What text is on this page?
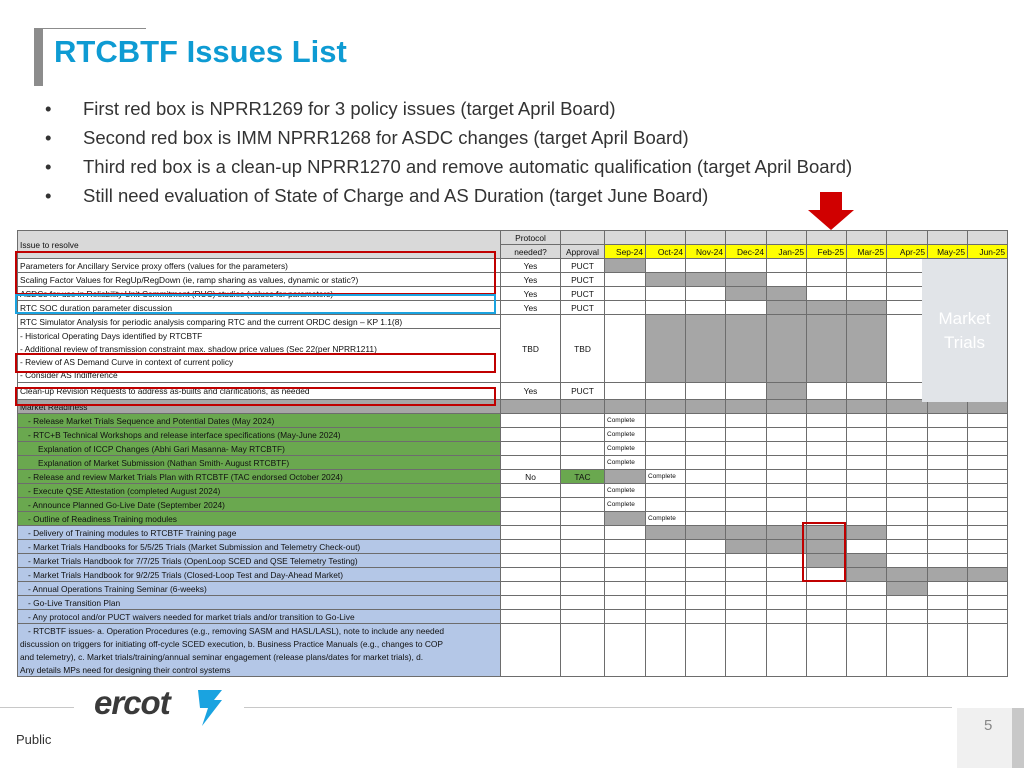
RTCBTF Issues List
• First red box is NPRR1269 for 3 policy issues (target April Board)
• Second red box is IMM NPRR1268 for ASDC changes (target April Board)
• Third red box is a clean-up NPRR1270 and remove automatic qualification (target April Board)
• Still need evaluation of State of Charge and AS Duration (target June Board)
Issue to resolve	Protocol											
	needed?	Approval	Sep-24	Oct-24	Nov-24	Dec-24	Jan-25	Feb-25	Mar-25	Apr-25	May-25	Jun-25
Parameters for Ancillary Service proxy offers (values for the parameters)	Yes	PUCT										
Scaling Factor Values for RegUp/RegDown (ie, ramp sharing as values, dynamic or static?)	Yes	PUCT										
ASDCs for use in Reliability Unit Commitment (RUC) studies (values for parameters)	Yes	PUCT										
RTC SOC duration parameter discussion	Yes	PUCT										
RTC Simulator Analysis for periodic analysis comparing RTC and the current ORDC design – KP 1.1(8)	TBD	TBD										
- Historical Operating Days identified by RTCBTF												
- Additional review of transmission constraint max. shadow price values (Sec 22(per NPRR1211)												
- Review of AS Demand Curve in context of current policy												
- Consider AS Indifference												
Clean-up Revision Requests to address as-builts and clarifications, as needed	Yes	PUCT										
Market Readiness												
- Release Market Trials Sequence and Potential Dates (May 2024)			Complete									
- RTC+B Technical Workshops and release interface specifications (May-June 2024)			Complete									
Explanation of ICCP Changes (Abhi Gari Masanna- May RTCBTF)			Complete									
Explanation of Market Submission (Nathan Smith- August RTCBTF)			Complete									
- Release and review Market Trials Plan with RTCBTF (TAC endorsed October 2024)	No	TAC		Complete								
- Execute QSE Attestation (completed August 2024)			Complete									
- Announce Planned Go-Live Date (September 2024)			Complete									
- Outline of Readiness Training modules				Complete								
- Delivery of Training modules to RTCBTF Training page												
- Market Trials Handbooks for 5/5/25 Trials (Market Submission and Telemetry Check-out)												
- Market Trials Handbook for 7/7/25 Trials (OpenLoop SCED and QSE Telemetry Testing)												
- Market Trials Handbook for 9/2/25 Trials (Closed-Loop Test and Day-Ahead Market)												
- Annual Operations Training Seminar (6-weeks)												
- Go-Live Transition Plan												
- Any protocol and/or PUCT waivers needed for market trials and/or transition to Go-Live												
- RTCBTF issues- a. Operation Procedures (e.g., removing SASM and HASL/LASL), note to include any needed												
discussion on triggers for initiating off-cycle SCED execution, b. Business Practice Manuals (e.g., changes to COP												
and telemetry), c. Market trials/training/annual seminar engagement (release plans/dates for market trials), d.												
Any details MPs need for designing their control systems												
Market
Trials
ercot
Public
5
